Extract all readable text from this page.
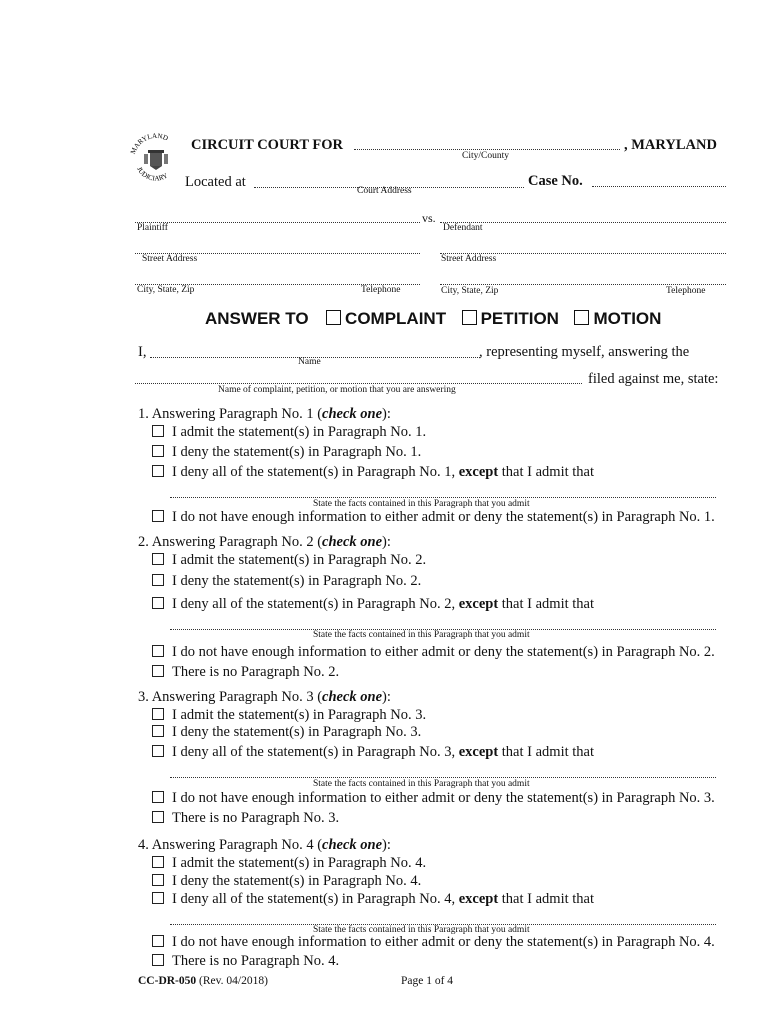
MARYLAND
JUDICIARY
CIRCUIT COURT FOR
City/County
, MARYLAND
Located at
Court Address
Case No.
vs.
Plaintiff	Defendant
Street Address	Street Address
City, State, Zip	Telephone	City, State, Zip	Telephone
ANSWER TO COMPLAINT PETITION MOTION
I,
Name
, representing myself, answering the
Name of complaint, petition, or motion that you are answering
filed against me, state:
1. Answering Paragraph No. 1 (check one):
I admit the statement(s) in Paragraph No. 1.
I deny the statement(s) in Paragraph No. 1.
I deny all of the statement(s) in Paragraph No. 1, except that I admit that
State the facts contained in this Paragraph that you admit
I do not have enough information to either admit or deny the statement(s) in Paragraph No. 1.
2. Answering Paragraph No. 2 (check one):
I admit the statement(s) in Paragraph No. 2.
I deny the statement(s) in Paragraph No. 2.
I deny all of the statement(s) in Paragraph No. 2, except that I admit that
State the facts contained in this Paragraph that you admit
I do not have enough information to either admit or deny the statement(s) in Paragraph No. 2.
There is no Paragraph No. 2.
3. Answering Paragraph No. 3 (check one):
I admit the statement(s) in Paragraph No. 3.
I deny the statement(s) in Paragraph No. 3.
I deny all of the statement(s) in Paragraph No. 3, except that I admit that
State the facts contained in this Paragraph that you admit
I do not have enough information to either admit or deny the statement(s) in Paragraph No. 3.
There is no Paragraph No. 3.
4. Answering Paragraph No. 4 (check one):
I admit the statement(s) in Paragraph No. 4.
I deny the statement(s) in Paragraph No. 4.
I deny all of the statement(s) in Paragraph No. 4, except that I admit that
State the facts contained in this Paragraph that you admit
I do not have enough information to either admit or deny the statement(s) in Paragraph No. 4.
There is no Paragraph No. 4.
CC-DR-050 (Rev. 04/2018)	Page 1 of 4
